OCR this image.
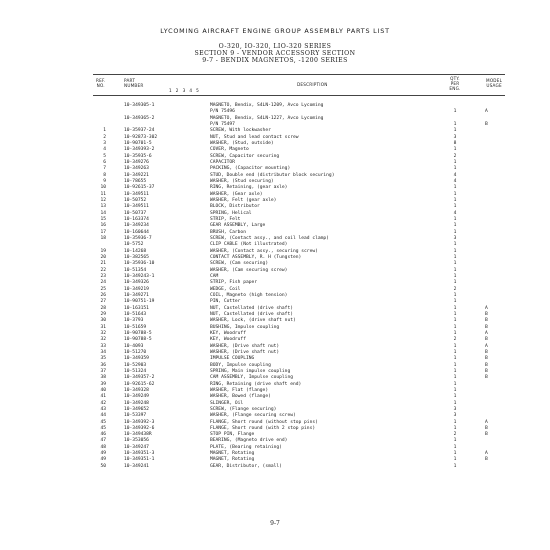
LYCOMING AIRCRAFT ENGINE GROUP ASSEMBLY PARTS LIST
O-320, IO-320, LIO-320 SERIES
SECTION 9 - VENDOR ACCESSORY SECTION
9-7 - BENDIX MAGNETOS, -1200 SERIES
REF.
NO.
PART
NUMBER
1 2 3 4 5
DESCRIPTION
QTY.
PER
ENG.
MODEL
USAGE
10-349305-1	MAGNETO, Bendix, S4LN-1209, Avco Lycoming
P/N 75496	1	A
10-349365-2	MAGNETO, Bendix, S4LN-1227, Avco Lycoming
P/N 75497	1	B
1	10-35937-24	SCREW, With lockwasher	1
2	10-92873-302	NUT, Stud and lead contact screw	3
3	10-90701-5	WASHER, (Stud, outside)	8
4	10-349393-2	COVER, Magneto	1
5	10-35935-6	SCREW, Capacitor securing	2
6	10-349276	CAPACITOR	1
7	10-349263	PACKING, (Capacitor mounting)	1
8	10-349221	STUD, Double end (distributor block securing)	4
9	10-78655	WASHER, (Stud securing)	4
10	10-92615-37	RING, Retaining, (gear axle)	1
11	10-349511	WASHER, (Gear axle)	1
12	10-50752	WASHER, Felt (gear axle)	1
13	10-349511	BLOCK, Distributor	1
14	10-50737	SPRING, Helical	4
15	10-163374	STRIP, Felt	1
16	10-349234	GEAR ASSEMBLY, Large	1
17	10-160644	BRUSH, Carbon	1
18	10-35936-7	SCREW, (Contact assy., and coil lead clamp)	3
10-5752	CLIP CABLE (Not illustrated)	1
19	10-14268	WASHER, (Contact assy., securing screw)	1
20	10-382565	CONTACT ASSEMBLY, R. H (Tungsten)	1
21	10-35936-10	SCREW, (Cam securing)	1
22	10-51354	WASHER, (Cam securing screw)	1
23	10-349243-1	CAM	1
24	10-349326	STRIP, Fish paper	1
25	10-349219	WEDGE, Coil	2
26	10-349271	COIL, Magneto (high tension)	1
27	10-90751-19	PIN, Cotter	1
28	10-163151	NUT, Castellated (drive shaft)	1	A
29	10-51643	NUT, Castellated (drive shaft)	1	B
30	10-3793	WASHER, Lock, (drive shaft nut)	1	B
31	10-51659	BUSHING, Impulse coupling	1	B
32	10-90788-5	KEY, Woodruff	1	A
32	10-90788-5	KEY, Woodruff	2	B
33	10-4093	WASHER, (Drive shaft nut)	1	A
34	10-51270	WASHER, (Drive shaft nut)	1	B
35	10-349359	IMPULSE COUPLING	1	B
36	10-52903	BODY, Impulse coupling	1	B
37	10-51324	SPRING, Main impulse coupling	1	B
38	10-349357-2	CAM ASSEMBLY, Impulse coupling	1	B
39	10-92615-62	RING, Retaining (drive shaft end)	1
40	10-349328	WASHER, Flat (flange)	1
41	10-349249	WASHER, Bowed (flange)	1
42	10-349248	SLINGER, Oil	1
43	10-349652	SCREW, (Flange securing)	3
44	10-53397	WASHER, (Flange securing screw)	3
45	10-349392-3	FLANGE, Short round (without stop pins)	1	A
45	10-349392-6	FLANGE, Short round (with 2 stop pins)	1	B
46	10-349438R	STOP PIN, Flange	2	B
47	10-353056	BEARING, (Magneto drive end)	1
48	10-349247	PLATE, (Bearing retaining)	1
49	10-349351-3	MAGNET, Rotating	1	A
49	10-349351-1	MAGNET, Rotating	1	B
50	10-349241	GEAR, Distributor, (small)	1
9-7
